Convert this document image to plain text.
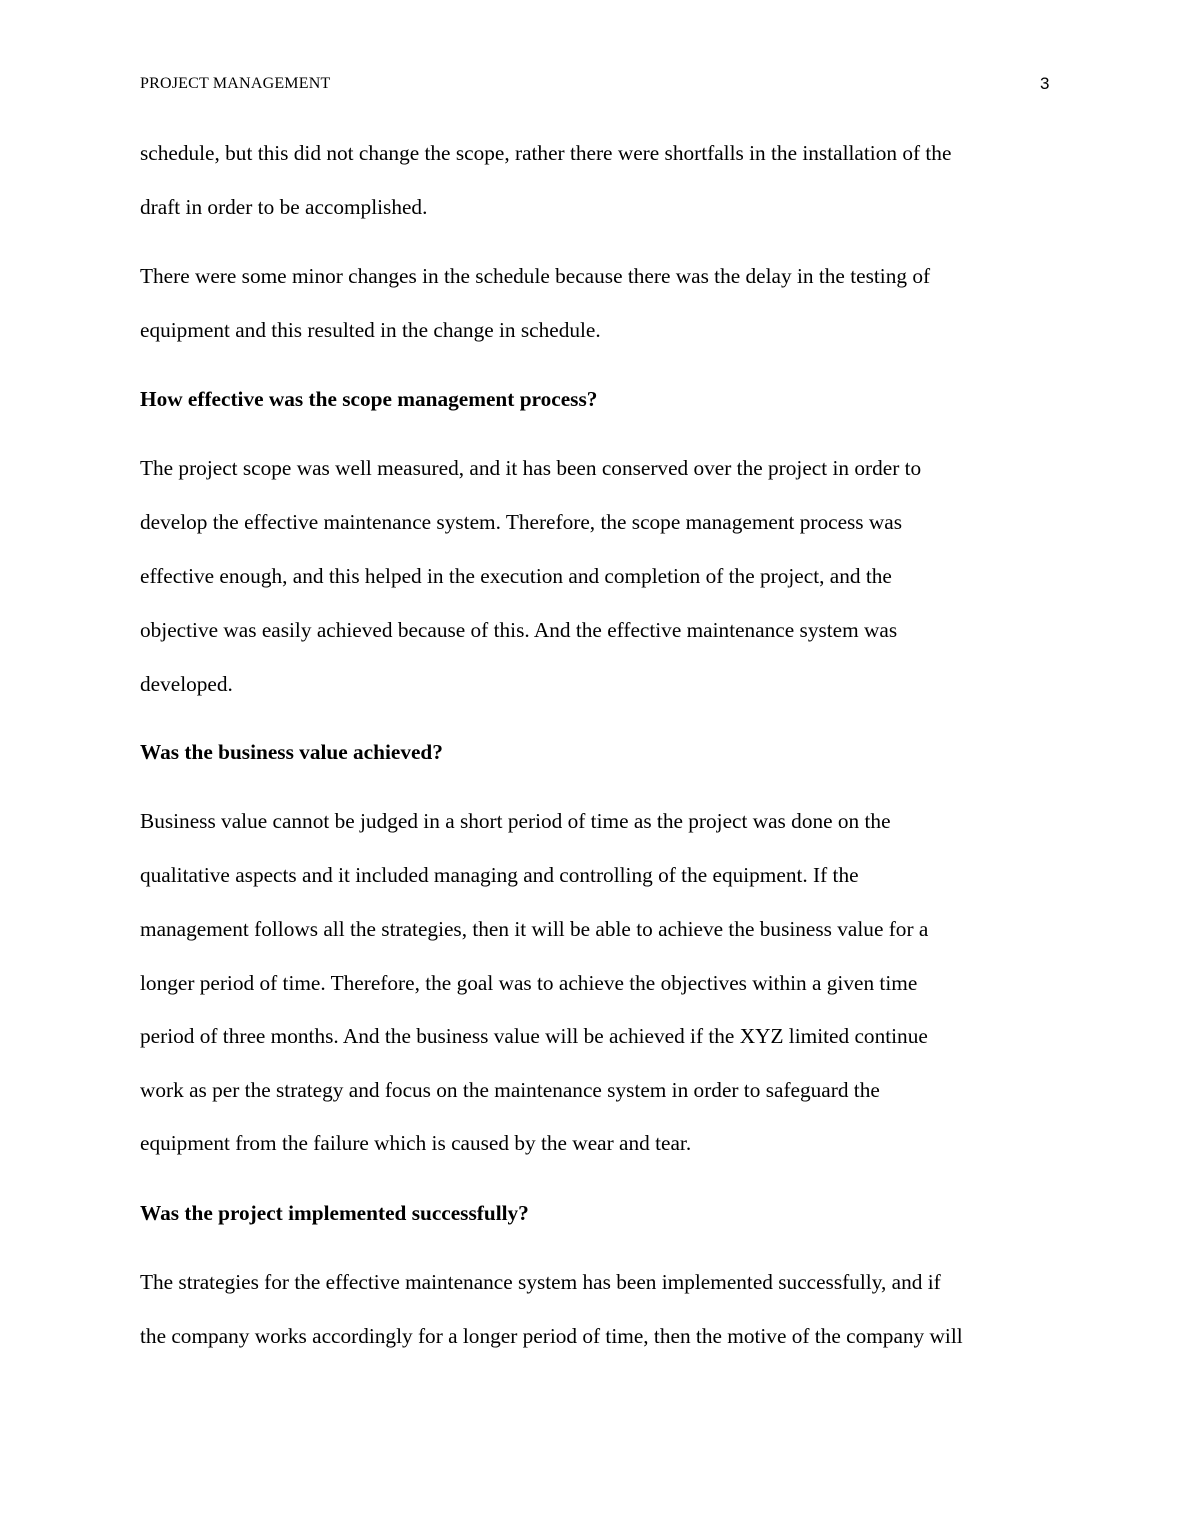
PROJECT MANAGEMENT	3
schedule, but this did not change the scope, rather there were shortfalls in the installation of the
draft in order to be accomplished.
There were some minor changes in the schedule because there was the delay in the testing of
equipment and this resulted in the change in schedule.
How effective was the scope management process?
The project scope was well measured, and it has been conserved over the project in order to
develop the effective maintenance system. Therefore, the scope management process was
effective enough, and this helped in the execution and completion of the project, and the
objective was easily achieved because of this. And the effective maintenance system was
developed.
Was the business value achieved?
Business value cannot be judged in a short period of time as the project was done on the
qualitative aspects and it included managing and controlling of the equipment. If the
management follows all the strategies, then it will be able to achieve the business value for a
longer period of time. Therefore, the goal was to achieve the objectives within a given time
period of three months. And the business value will be achieved if the XYZ limited continue
work as per the strategy and focus on the maintenance system in order to safeguard the
equipment from the failure which is caused by the wear and tear.
Was the project implemented successfully?
The strategies for the effective maintenance system has been implemented successfully, and if
the company works accordingly for a longer period of time, then the motive of the company will
